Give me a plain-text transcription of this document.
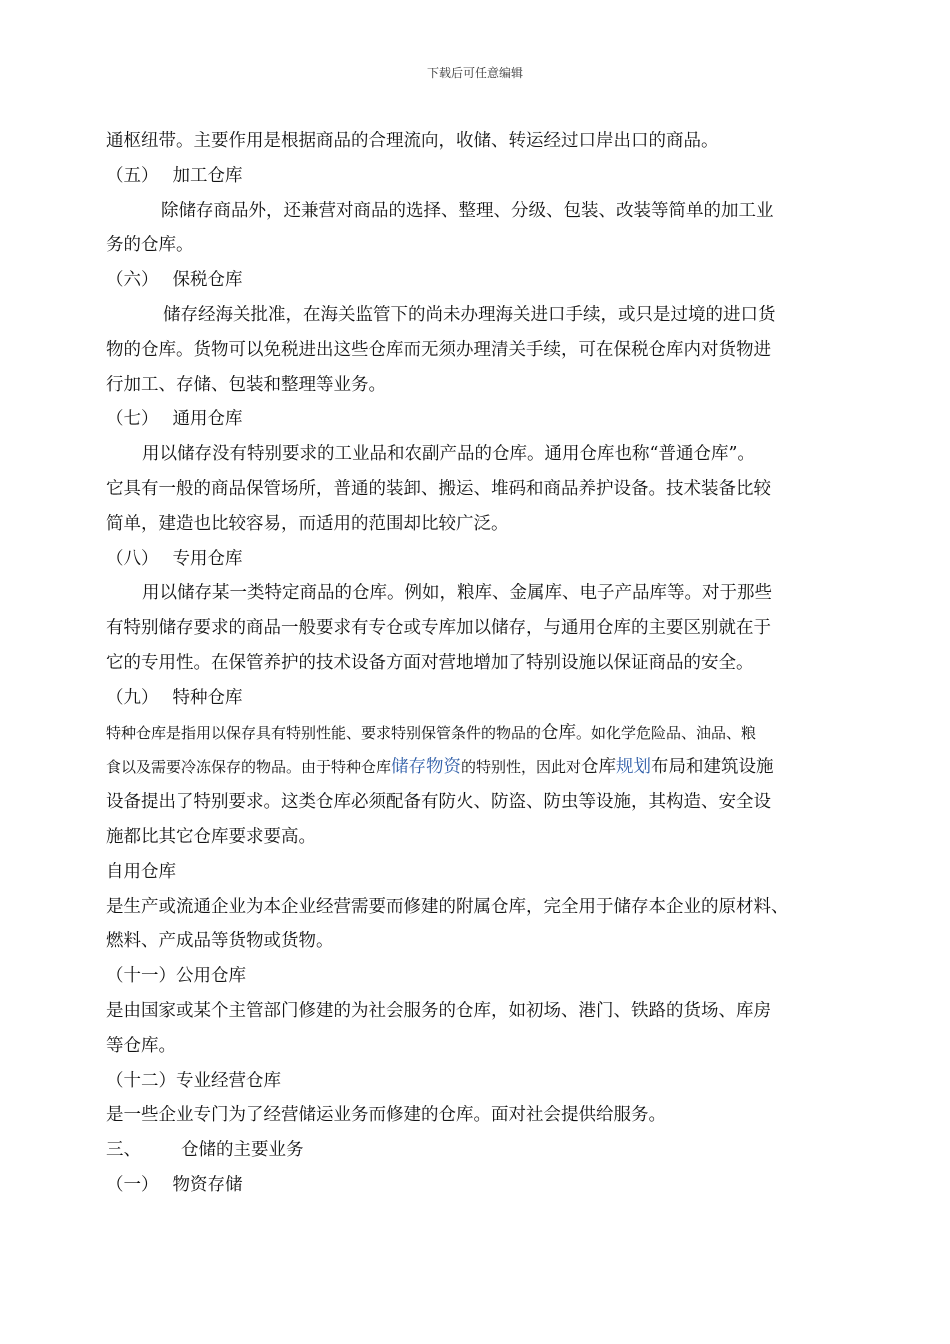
下载后可任意编辑
通枢纽带。主要作用是根据商品的合理流向，收储、转运经过口岸出口的商品。
（五） 加工仓库
除储存商品外，还兼营对商品的选择、整理、分级、包装、改装等简单的加工业
务的仓库。
（六） 保税仓库
储存经海关批准，在海关监管下的尚未办理海关进口手续，或只是过境的进口货
物的仓库。货物可以免税进出这些仓库而无须办理清关手续，可在保税仓库内对货物进
行加工、存储、包装和整理等业务。
（七） 通用仓库
用以储存没有特别要求的工业品和农副产品的仓库。通用仓库也称“普通仓库”。
它具有一般的商品保管场所，普通的装卸、搬运、堆码和商品养护设备。技术装备比较
简单，建造也比较容易，而适用的范围却比较广泛。
（八） 专用仓库
用以储存某一类特定商品的仓库。例如，粮库、金属库、电子产品库等。对于那些
有特别储存要求的商品一般要求有专仓或专库加以储存，与通用仓库的主要区别就在于
它的专用性。在保管养护的技术设备方面对营地增加了特别设施以保证商品的安全。
（九） 特种仓库
特种仓库是指用以保存具有特别性能、要求特别保管条件的物品的仓库。如化学危险品、油品、粮
食以及需要冷冻保存的物品。由于特种仓库储存物资的特别性，因此对仓库规划布局和建筑设施
设备提出了特别要求。这类仓库必须配备有防火、防盗、防虫等设施，其构造、安全设
施都比其它仓库要求要高。
自用仓库
是生产或流通企业为本企业经营需要而修建的附属仓库，完全用于储存本企业的原材料、
燃料、产成品等货物或货物。
（十一）公用仓库
是由国家或某个主管部门修建的为社会服务的仓库，如初场、港门、铁路的货场、库房
等仓库。
（十二）专业经营仓库
是一些企业专门为了经营储运业务而修建的仓库。面对社会提供给服务。
三、 仓储的主要业务
（一） 物资存储
